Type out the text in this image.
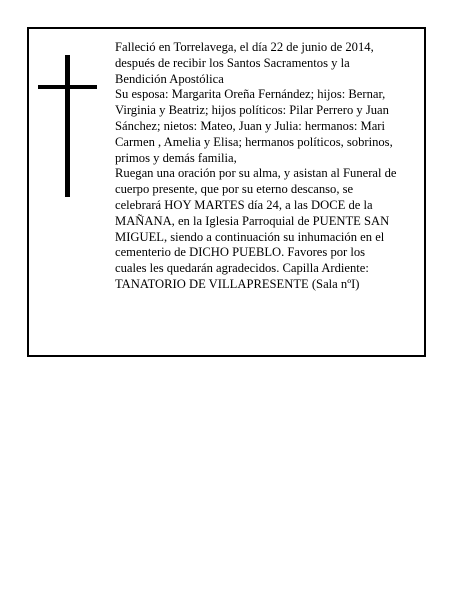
Falleció en Torrelavega, el día 22 de junio de 2014,
después de recibir los Santos Sacramentos y la
Bendición Apostólica
Su esposa: Margarita Oreña Fernández; hijos: Bernar,
Virginia y Beatriz; hijos políticos: Pilar Perrero y Juan
Sánchez; nietos: Mateo, Juan y Julia: hermanos: Mari
Carmen , Amelia y Elisa; hermanos políticos, sobrinos,
primos y demás familia,
Ruegan una oración por su alma, y asistan al Funeral de
cuerpo presente, que por su eterno descanso, se
celebrará HOY MARTES día 24, a las DOCE de la
MAÑANA, en la Iglesia Parroquial de PUENTE SAN
MIGUEL, siendo a continuación su inhumación en el
cementerio de DICHO PUEBLO. Favores por los
cuales les quedarán agradecidos. Capilla Ardiente:
TANATORIO DE VILLAPRESENTE (Sala nºI)
